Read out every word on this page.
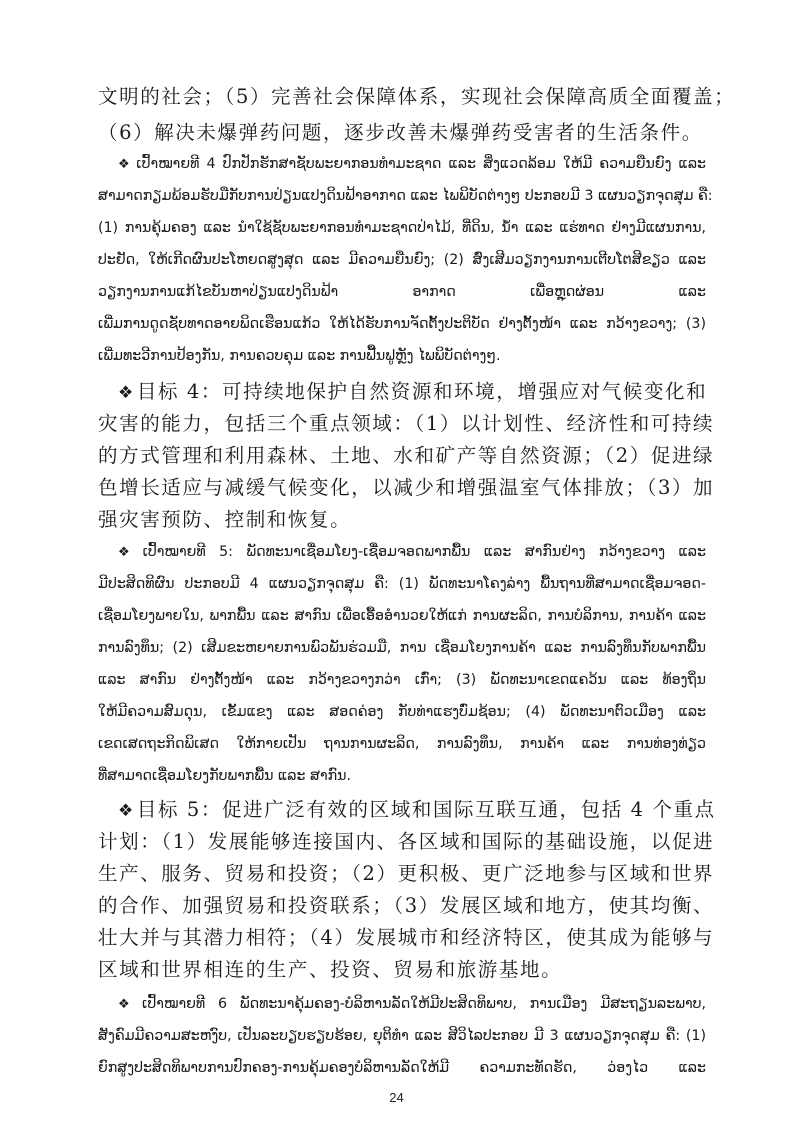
文明的社会；（5）完善社会保障体系，实现社会保障高质全面覆盖；
（6）解决未爆弹药问题，逐步改善未爆弹药受害者的生活条件。
❖ ເປົ້າໝາຍທີ 4 ປົກປັກຮັກສາຊັບພະຍາກອນທຳມະຊາດ ແລະ ສິ່ງແວດລ້ອມ ໃຫ້ມີ ຄວາມຍືນຍົງ ແລະ
ສາມາດກຽມພ້ອມຮັບມືກັບການປ່ຽນແປງດິນຟ້າອາກາດ ແລະ ໄພພິບັດຕ່າງໆ ປະກອບມີ 3 ແຜນວຽກຈຸດສຸມ ຄື:
(1) ການຄຸ້ມຄອງ ແລະ ນຳໃຊ້ຊັບພະຍາກອນທຳມະຊາດປ່າໄມ້, ທີ່ດິນ, ນ້ຳ ແລະ ແຮ່ທາດ ຢ່າງມີແຜນການ,
ປະຢັດ, ໃຫ້ເກີດຜົນປະໂຫຍດສູງສຸດ ແລະ ມີຄວາມຍືນຍົງ; (2) ສົ່ງເສີມວຽກງານການເຕີບໂຕສີຂຽວ ແລະ
ວຽກງານການແກ້ໄຂບັນຫາປ່ຽນແປງດິນຟ້າ ອາກາດ ເພື່ອຫຼຸດຜ່ອນ ແລະ
ເພີ່ມການດູດຊັບທາດອາຍພິດເຮືອນແກ້ວ ໃຫ້ໄດ້ຮັບການຈັດຕັ້ງປະຕິບັດ ຢ່າງຕັ້ງໜ້າ ແລະ ກວ້າງຂວາງ; (3)
ເພີ່ມທະວີການປ້ອງກັນ, ການຄວບຄຸມ ແລະ ການຟື້ນຟູຫຼັງ ໄພພິບັດຕ່າງໆ.
❖ 目标 4：可持续地保护自然资源和环境，增强应对气候变化和
灾害的能力，包括三个重点领域：（1）以计划性、经济性和可持续
的方式管理和利用森林、土地、水和矿产等自然资源；（2）促进绿
色增长适应与减缓气候变化，以减少和增强温室气体排放；（3）加
强灾害预防、控制和恢复。
❖ ເປົ້າໝາຍທີ 5: ພັດທະນາເຊື່ອມໂຍງ-ເຊື່ອມຈອດພາກພື້ນ ແລະ ສາກົນຢ່າງ ກວ້າງຂວາງ ແລະ
ມີປະສິດທິຜົນ ປະກອບມີ 4 ແຜນວຽກຈຸດສຸມ ຄື: (1) ພັດທະນາໂຄງລ່າງ ພື້ນຖານທີ່ສາມາດເຊື່ອມຈອດ-
ເຊື່ອມໂຍງພາຍໃນ, ພາກພື້ນ ແລະ ສາກົນ ເພື່ອເອື້ອອຳນວຍໃຫ້ແກ່ ການຜະລິດ, ການບໍລິການ, ການຄ້າ ແລະ
ການລົງທຶນ; (2) ເສີມຂະຫຍາຍການພົວພັນຮ່ວມມື, ການ ເຊື່ອມໂຍງການຄ້າ ແລະ ການລົງທຶນກັບພາກພື້ນ
ແລະ ສາກົນ ຢ່າງຕັ້ງໜ້າ ແລະ ກວ້າງຂວາງກວ່າ ເກົ່າ; (3) ພັດທະນາເຂດແຄວ້ນ ແລະ ທ້ອງຖິ່ນ
ໃຫ້ມີຄວາມສົມດຸນ, ເຂັ້ມແຂງ ແລະ ສອດຄ່ອງ ກັບທ່າແຮງບົ່ມຊ້ອນ; (4) ພັດທະນາຕົວເມືອງ ແລະ
ເຂດເສດຖະກິດພິເສດ ໃຫ້ກາຍເປັນ ຖານການຜະລິດ, ການລົງທຶນ, ການຄ້າ ແລະ ການທ່ອງທ່ຽວ
ທີ່ສາມາດເຊື່ອມໂຍງກັບພາກພື້ນ ແລະ ສາກົນ.
❖ 目标 5：促进广泛有效的区域和国际互联互通，包括 4 个重点
计划：（1）发展能够连接国内、各区域和国际的基础设施，以促进
生产、服务、贸易和投资；（2）更积极、更广泛地参与区域和世界
的合作、加强贸易和投资联系；（3）发展区域和地方，使其均衡、
壮大并与其潜力相符；（4）发展城市和经济特区，使其成为能够与
区域和世界相连的生产、投资、贸易和旅游基地。
❖ ເປົ້າໝາຍທີ 6 ພັດທະນາຄຸ້ມຄອງ-ບໍລິຫານລັດໃຫ້ມີປະສິດທິພາບ, ການເມືອງ ມີສະຖຽນລະພາບ,
ສັງຄົມມີຄວາມສະຫງົບ, ເປັນລະບຽບຮຽບຮ້ອຍ, ຍຸຕິທຳ ແລະ ສີວິໄລປະກອບ ມີ 3 ແຜນວຽກຈຸດສຸມ ຄື: (1)
ຍົກສູງປະສິດທິພາບການປົກຄອງ-ການຄຸ້ມຄອງບໍລິຫານລັດໃຫ້ມີ ຄວາມກະທັດຮັດ, ວ່ອງໄວ ແລະ
24
